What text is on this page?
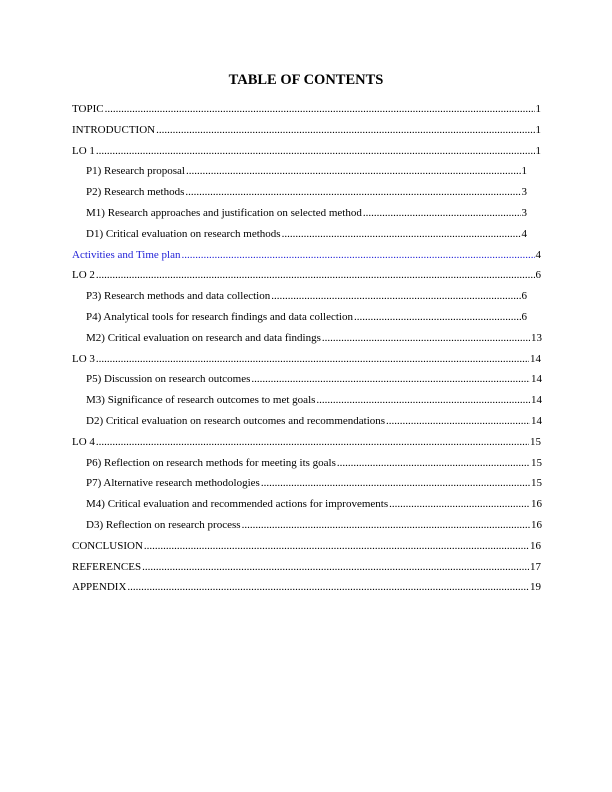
TABLE OF CONTENTS
TOPIC .....	1
INTRODUCTION .....	1
LO 1 .....	1
P1) Research proposal .....	1
P2) Research methods .....	3
M1) Research approaches and justification on selected method .....	3
D1) Critical evaluation on research methods .....	4
Activities and Time plan .....	4
LO 2 .....	6
P3) Research methods and data collection .....	6
P4) Analytical tools for research findings and data collection .....	6
M2) Critical evaluation on research and data findings .....	13
LO 3 .....	14
P5) Discussion on research outcomes .....	14
M3) Significance of research outcomes to met goals .....	14
D2) Critical evaluation on research outcomes and recommendations .....	14
LO 4 .....	15
P6) Reflection on research methods for meeting its goals .....	15
P7) Alternative research methodologies .....	15
M4) Critical evaluation and recommended actions for improvements .....	16
D3) Reflection on research process .....	16
CONCLUSION .....	16
REFERENCES .....	17
APPENDIX .....	19
